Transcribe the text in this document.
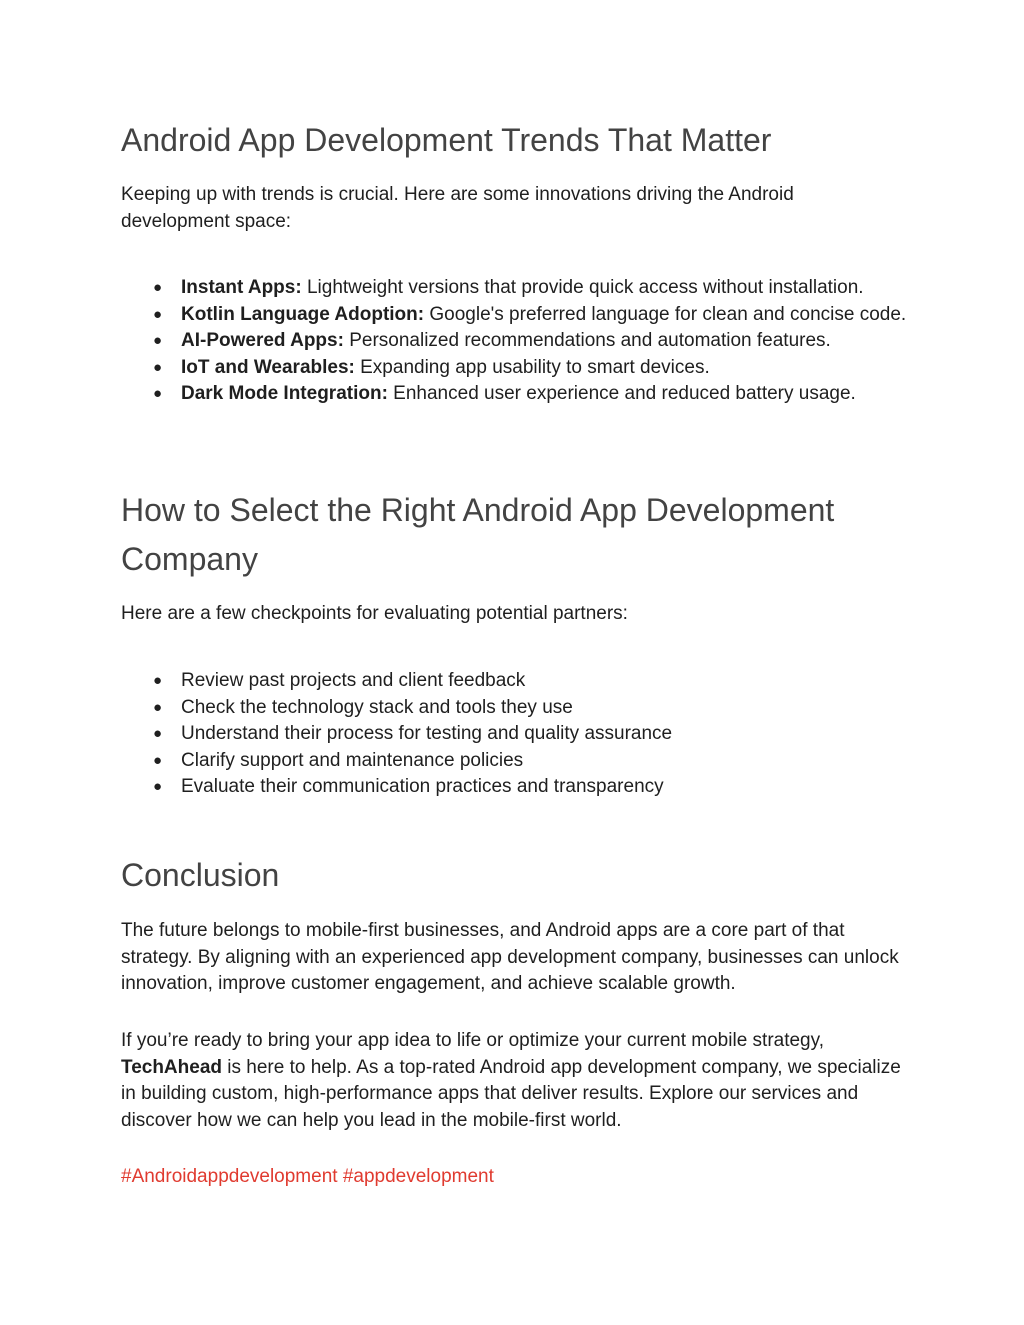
Android App Development Trends That Matter

Keeping up with trends is crucial. Here are some innovations driving the Android development space:

● Instant Apps: Lightweight versions that provide quick access without installation.
● Kotlin Language Adoption: Google's preferred language for clean and concise code.
● AI-Powered Apps: Personalized recommendations and automation features.
● IoT and Wearables: Expanding app usability to smart devices.
● Dark Mode Integration: Enhanced user experience and reduced battery usage.
How to Select the Right Android App Development Company

Here are a few checkpoints for evaluating potential partners:

● Review past projects and client feedback
● Check the technology stack and tools they use
● Understand their process for testing and quality assurance
● Clarify support and maintenance policies
● Evaluate their communication practices and transparency
Conclusion

The future belongs to mobile-first businesses, and Android apps are a core part of that strategy. By aligning with an experienced app development company, businesses can unlock innovation, improve customer engagement, and achieve scalable growth.

If you’re ready to bring your app idea to life or optimize your current mobile strategy, TechAhead is here to help. As a top-rated Android app development company, we specialize in building custom, high-performance apps that deliver results. Explore our services and discover how we can help you lead in the mobile-first world.

#Androidappdevelopment #appdevelopment
